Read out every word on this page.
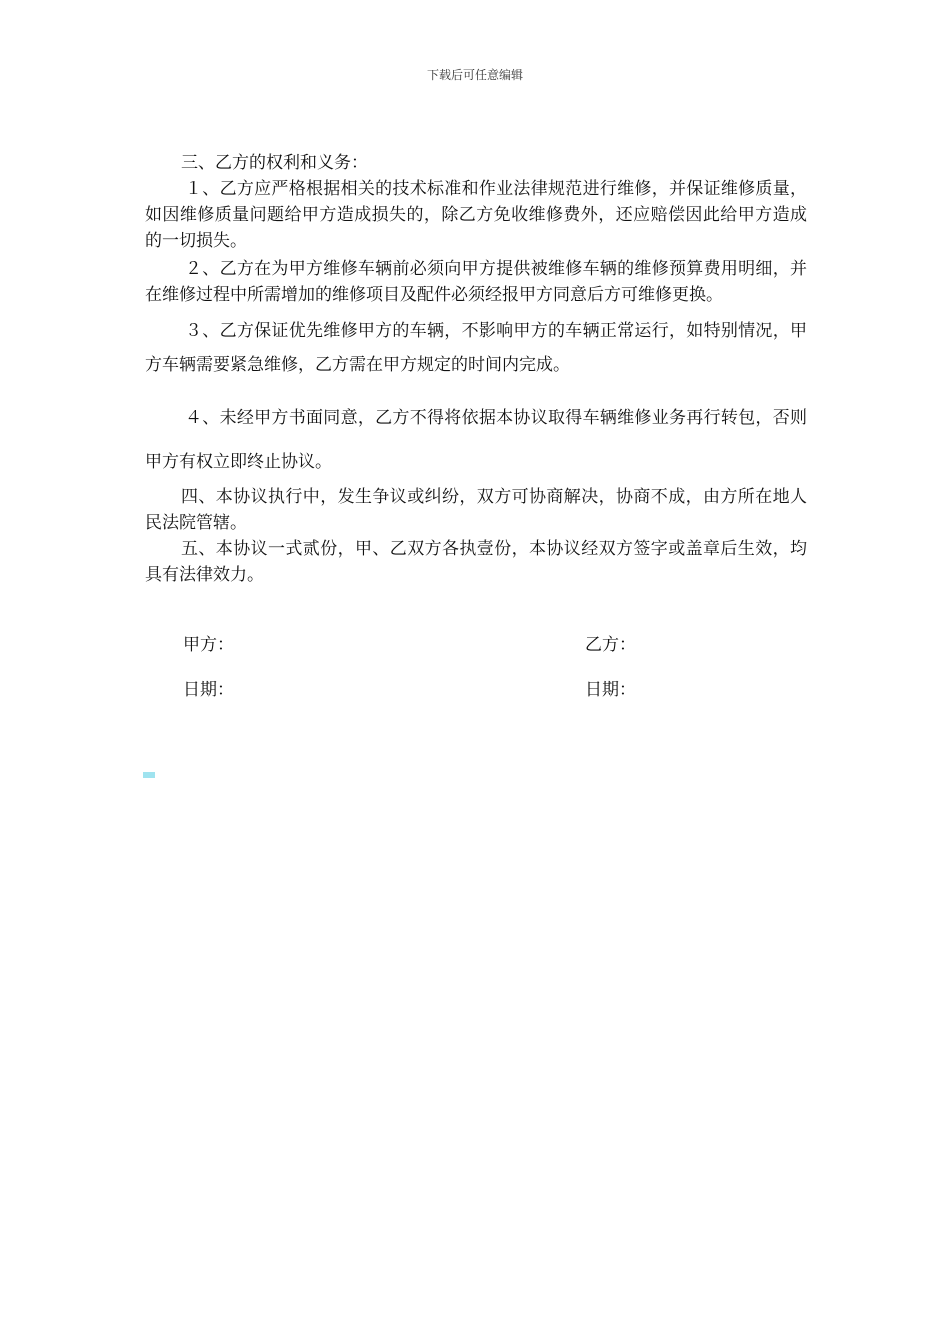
下载后可任意编辑

三、乙方的权利和义务：

１、乙方应严格根据相关的技术标准和作业法律规范进行维修，并保证维修质量，如因维修质量问题给甲方造成损失的，除乙方免收维修费外，还应赔偿因此给甲方造成的一切损失。

２、乙方在为甲方维修车辆前必须向甲方提供被维修车辆的维修预算费用明细，并在维修过程中所需增加的维修项目及配件必须经报甲方同意后方可维修更换。

３、乙方保证优先维修甲方的车辆，不影响甲方的车辆正常运行，如特别情况，甲方车辆需要紧急维修，乙方需在甲方规定的时间内完成。

４、未经甲方书面同意，乙方不得将依据本协议取得车辆维修业务再行转包，否则甲方有权立即终止协议。

四、本协议执行中，发生争议或纠纷，双方可协商解决，协商不成，由方所在地人民法院管辖。

五、本协议一式贰份，甲、乙双方各执壹份，本协议经双方签字或盖章后生效，均具有法律效力。

甲方：	乙方：
日期：	日期：
